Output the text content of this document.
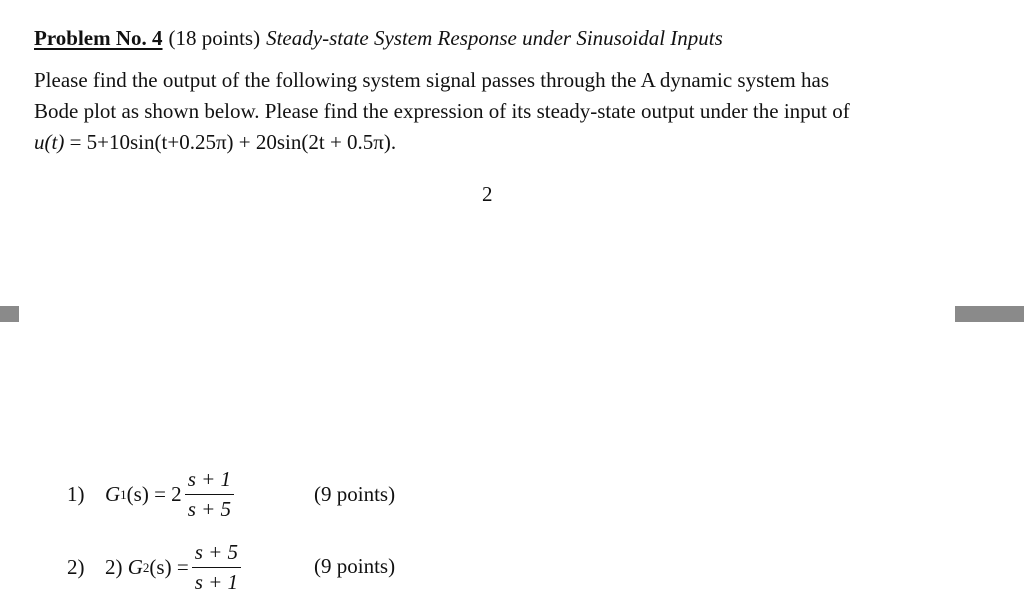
Problem No. 4 (18 points) Steady-state System Response under Sinusoidal Inputs
Please find the output of the following system signal passes through the A dynamic system has
Bode plot as shown below. Please find the expression of its steady-state output under the input of
u(t) = 5+10sin(t+0.25π) + 20sin(2t + 0.5π).
2
1) G 1 $(s) = 2 \frac{s + 1}{s + 5}$	(9 points)
2) 2) G 2 $(s) = \frac{s + 5}{s + 1}$	(9 points)
